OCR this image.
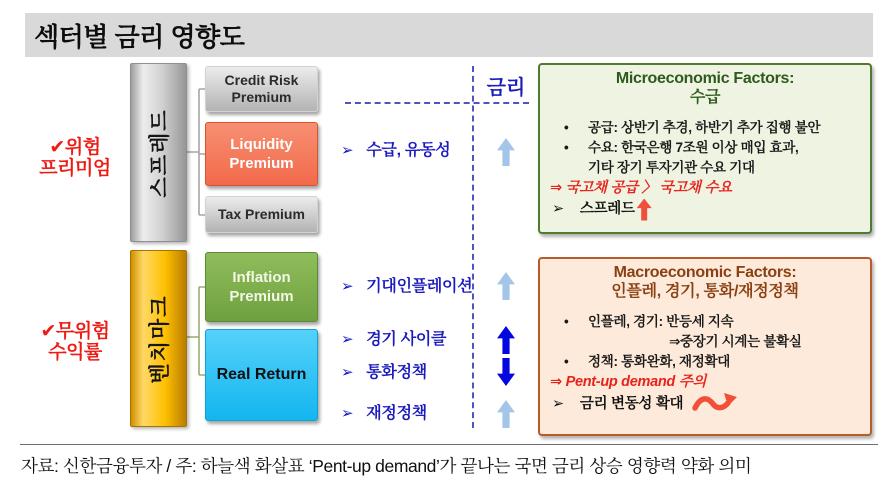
섹터별 금리 영향도
✔위험
프리미엄
✔무위험
수익률
스프레드
벤치마크
Credit Risk
Premium
Liquidity
Premium
Tax Premium
Inflation
Premium
Real Return
➢ 수급, 유동성
➢ 기대인플레이션
➢ 경기 사이클
➢ 통화정책
➢ 재정정책
금리	Microeconomic Factors:
수급
•	공급: 상반기 추경, 하반기 추가 집행 불안
•	수요: 한국은행 7조원 이상 매입 효과,
기타 장기 투자기관 수요 기대
⇒ 국고채 공급 〉 국고채 수요
➢ 스프레드
Macroeconomic Factors:
인플레, 경기, 통화/재정정책
•	인플레, 경기: 반등세 지속
⇒중장기 시계는 불확실
•	정책: 통화완화, 재정확대
⇒ Pent-up demand 주의
➢ 금리 변동성 확대
자료: 신한금융투자 / 주: 하늘색 화살표 ‘Pent-up demand’가 끝나는 국면 금리 상승 영향력 약화 의미
